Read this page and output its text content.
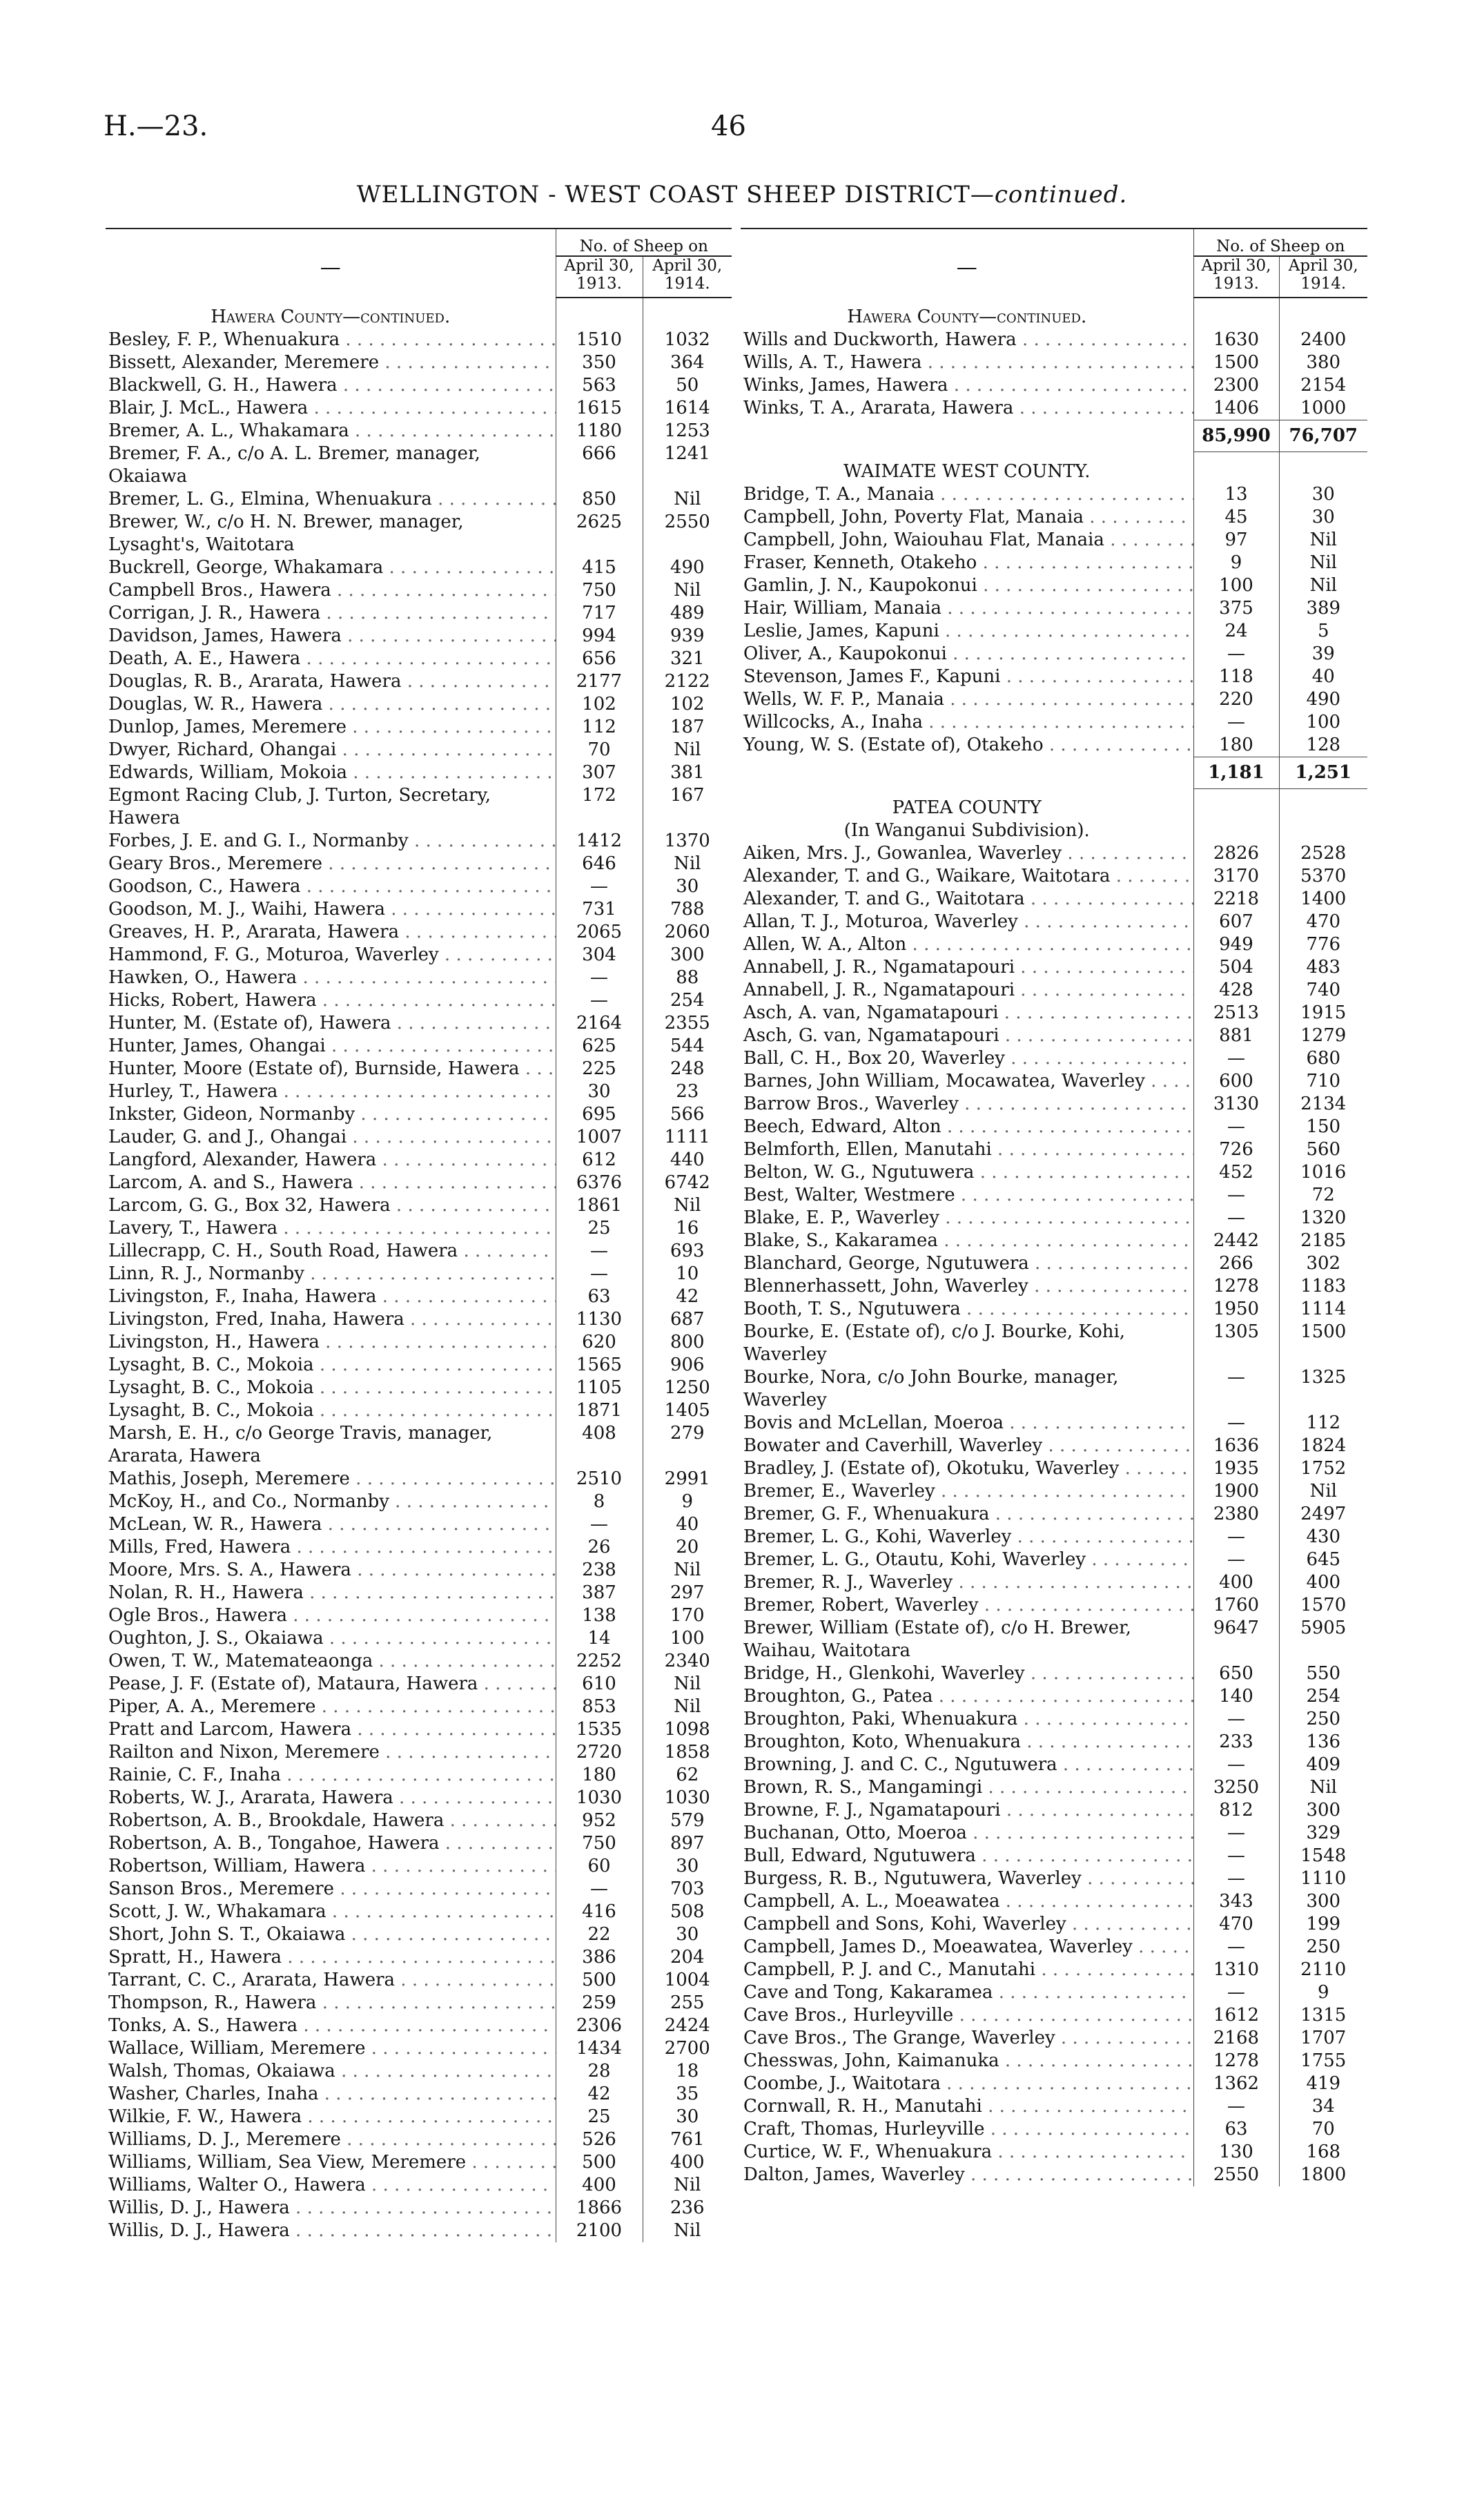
H.—23.	46
WELLINGTON - WEST COAST SHEEP DISTRICT—continued.
—	No. of Sheep on	
	April 30, 1913.	April 30, 1914.
Hawera County—continued.		
Besley, F. P., Whenuakura . . .	1510	1032
Bissett, Alexander, Meremere . . .	350	364
Blackwell, G. H., Hawera . . .	563	50
Blair, J. McL., Hawera . . .	1615	1614
Bremer, A. L., Whakamara . . .	1180	1253
Bremer, F. A., c/o A. L. Bremer, manager, Okaiawa	666	1241
Bremer, L. G., Elmina, Whenuakura . . .	850	Nil
Brewer, W., c/o H. N. Brewer, manager, Lysaght's, Waitotara	2625	2550
Buckrell, George, Whakamara . . .	415	490
Campbell Bros., Hawera . . .	750	Nil
Corrigan, J. R., Hawera . . .	717	489
Davidson, James, Hawera . . .	994	939
Death, A. E., Hawera . . .	656	321
Douglas, R. B., Ararata, Hawera . . .	2177	2122
Douglas, W. R., Hawera . . .	102	102
Dunlop, James, Meremere . . .	112	187
Dwyer, Richard, Ohangai . . .	70	Nil
Edwards, William, Mokoia . . .	307	381
Egmont Racing Club, J. Turton, Secretary, Hawera	172	167
Forbes, J. E. and G. I., Normanby . . .	1412	1370
Geary Bros., Meremere . . .	646	Nil
Goodson, C., Hawera . . .	—	30
Goodson, M. J., Waihi, Hawera . . .	731	788
Greaves, H. P., Ararata, Hawera . . .	2065	2060
Hammond, F. G., Moturoa, Waverley . . .	304	300
Hawken, O., Hawera . . .	—	88
Hicks, Robert, Hawera . . .	—	254
Hunter, M. (Estate of), Hawera . . .	2164	2355
Hunter, James, Ohangai . . .	625	544
Hunter, Moore (Estate of), Burnside, Hawera . . .	225	248
Hurley, T., Hawera . . .	30	23
Inkster, Gideon, Normanby . . .	695	566
Lauder, G. and J., Ohangai . . .	1007	1111
Langford, Alexander, Hawera . . .	612	440
Larcom, A. and S., Hawera . . .	6376	6742
Larcom, G. G., Box 32, Hawera . . .	1861	Nil
Lavery, T., Hawera . . .	25	16
Lillecrapp, C. H., South Road, Hawera . . .	—	693
Linn, R. J., Normanby . . .	—	10
Livingston, F., Inaha, Hawera . . .	63	42
Livingston, Fred, Inaha, Hawera . . .	1130	687
Livingston, H., Hawera . . .	620	800
Lysaght, B. C., Mokoia . . .	1565	906
Lysaght, B. C., Mokoia . . .	1105	1250
Lysaght, B. C., Mokoia . . .	1871	1405
Marsh, E. H., c/o George Travis, manager, Ararata, Hawera	408	279
Mathis, Joseph, Meremere . . .	2510	2991
McKoy, H., and Co., Normanby . . .	8	9
McLean, W. R., Hawera . . .	—	40
Mills, Fred, Hawera . . .	26	20
Moore, Mrs. S. A., Hawera . . .	238	Nil
Nolan, R. H., Hawera . . .	387	297
Ogle Bros., Hawera . . .	138	170
Oughton, J. S., Okaiawa . . .	14	100
Owen, T. W., Matemateaonga . . .	2252	2340
Pease, J. F. (Estate of), Mataura, Hawera . . .	610	Nil
Piper, A. A., Meremere . . .	853	Nil
Pratt and Larcom, Hawera . . .	1535	1098
Railton and Nixon, Meremere . . .	2720	1858
Rainie, C. F., Inaha . . .	180	62
Roberts, W. J., Ararata, Hawera . . .	1030	1030
Robertson, A. B., Brookdale, Hawera . . .	952	579
Robertson, A. B., Tongahoe, Hawera . . .	750	897
Robertson, William, Hawera . . .	60	30
Sanson Bros., Meremere . . .	—	703
Scott, J. W., Whakamara . . .	416	508
Short, John S. T., Okaiawa . . .	22	30
Spratt, H., Hawera . . .	386	204
Tarrant, C. C., Ararata, Hawera . . .	500	1004
Thompson, R., Hawera . . .	259	255
Tonks, A. S., Hawera . . .	2306	2424
Wallace, William, Meremere . . .	1434	2700
Walsh, Thomas, Okaiawa . . .	28	18
Washer, Charles, Inaha . . .	42	35
Wilkie, F. W., Hawera . . .	25	30
Williams, D. J., Meremere . . .	526	761
Williams, William, Sea View, Meremere . . .	500	400
Williams, Walter O., Hawera . . .	400	Nil
Willis, D. J., Hawera . . .	1866	236
Willis, D. J., Hawera . . .	2100	Nil
—	No. of Sheep on	
	April 30, 1913.	April 30, 1914.
Hawera County—continued.		
Wills and Duckworth, Hawera . . .	1630	2400
Wills, A. T., Hawera . . .	1500	380
Winks, James, Hawera . . .	2300	2154
Winks, T. A., Ararata, Hawera . . .	1406	1000
	85,990	76,707
WAIMATE WEST COUNTY.		
Bridge, T. A., Manaia . . .	13	30
Campbell, John, Poverty Flat, Manaia . . .	45	30
Campbell, John, Waiouhau Flat, Manaia . . .	97	Nil
Fraser, Kenneth, Otakeho . . .	9	Nil
Gamlin, J. N., Kaupokonui . . .	100	Nil
Hair, William, Manaia . . .	375	389
Leslie, James, Kapuni . . .	24	5
Oliver, A., Kaupokonui . . .	—	39
Stevenson, James F., Kapuni . . .	118	40
Wells, W. F. P., Manaia . . .	220	490
Willcocks, A., Inaha . . .	—	100
Young, W. S. (Estate of), Otakeho . . .	180	128
	1,181	1,251
PATEA COUNTY		
(In Wanganui Subdivision).		
Aiken, Mrs. J., Gowanlea, Waverley . . .	2826	2528
Alexander, T. and G., Waikare, Waitotara . . .	3170	5370
Alexander, T. and G., Waitotara . . .	2218	1400
Allan, T. J., Moturoa, Waverley . . .	607	470
Allen, W. A., Alton . . .	949	776
Annabell, J. R., Ngamatapouri . . .	504	483
Annabell, J. R., Ngamatapouri . . .	428	740
Asch, A. van, Ngamatapouri . . .	2513	1915
Asch, G. van, Ngamatapouri . . .	881	1279
Ball, C. H., Box 20, Waverley . . .	—	680
Barnes, John William, Mocawatea, Waverley . . .	600	710
Barrow Bros., Waverley . . .	3130	2134
Beech, Edward, Alton . . .	—	150
Belmforth, Ellen, Manutahi . . .	726	560
Belton, W. G., Ngutuwera . . .	452	1016
Best, Walter, Westmere . . .	—	72
Blake, E. P., Waverley . . .	—	1320
Blake, S., Kakaramea . . .	2442	2185
Blanchard, George, Ngutuwera . . .	266	302
Blennerhassett, John, Waverley . . .	1278	1183
Booth, T. S., Ngutuwera . . .	1950	1114
Bourke, E. (Estate of), c/o J. Bourke, Kohi, Waverley	1305	1500
Bourke, Nora, c/o John Bourke, manager, Waverley	—	1325
Bovis and McLellan, Moeroa . . .	—	112
Bowater and Caverhill, Waverley . . .	1636	1824
Bradley, J. (Estate of), Okotuku, Waverley . . .	1935	1752
Bremer, E., Waverley . . .	1900	Nil
Bremer, G. F., Whenuakura . . .	2380	2497
Bremer, L. G., Kohi, Waverley . . .	—	430
Bremer, L. G., Otautu, Kohi, Waverley . . .	—	645
Bremer, R. J., Waverley . . .	400	400
Bremer, Robert, Waverley . . .	1760	1570
Brewer, William (Estate of), c/o H. Brewer, Waihau, Waitotara	9647	5905
Bridge, H., Glenkohi, Waverley . . .	650	550
Broughton, G., Patea . . .	140	254
Broughton, Paki, Whenuakura . . .	—	250
Broughton, Koto, Whenuakura . . .	233	136
Browning, J. and C. C., Ngutuwera . . .	—	409
Brown, R. S., Mangamingi . . .	3250	Nil
Browne, F. J., Ngamatapouri . . .	812	300
Buchanan, Otto, Moeroa . . .	—	329
Bull, Edward, Ngutuwera . . .	—	1548
Burgess, R. B., Ngutuwera, Waverley . . .	—	1110
Campbell, A. L., Moeawatea . . .	343	300
Campbell and Sons, Kohi, Waverley . . .	470	199
Campbell, James D., Moeawatea, Waverley . . .	—	250
Campbell, P. J. and C., Manutahi . . .	1310	2110
Cave and Tong, Kakaramea . . .	—	9
Cave Bros., Hurleyville . . .	1612	1315
Cave Bros., The Grange, Waverley . . .	2168	1707
Chesswas, John, Kaimanuka . . .	1278	1755
Coombe, J., Waitotara . . .	1362	419
Cornwall, R. H., Manutahi . . .	—	34
Craft, Thomas, Hurleyville . . .	63	70
Curtice, W. F., Whenuakura . . .	130	168
Dalton, James, Waverley . . .	2550	1800
